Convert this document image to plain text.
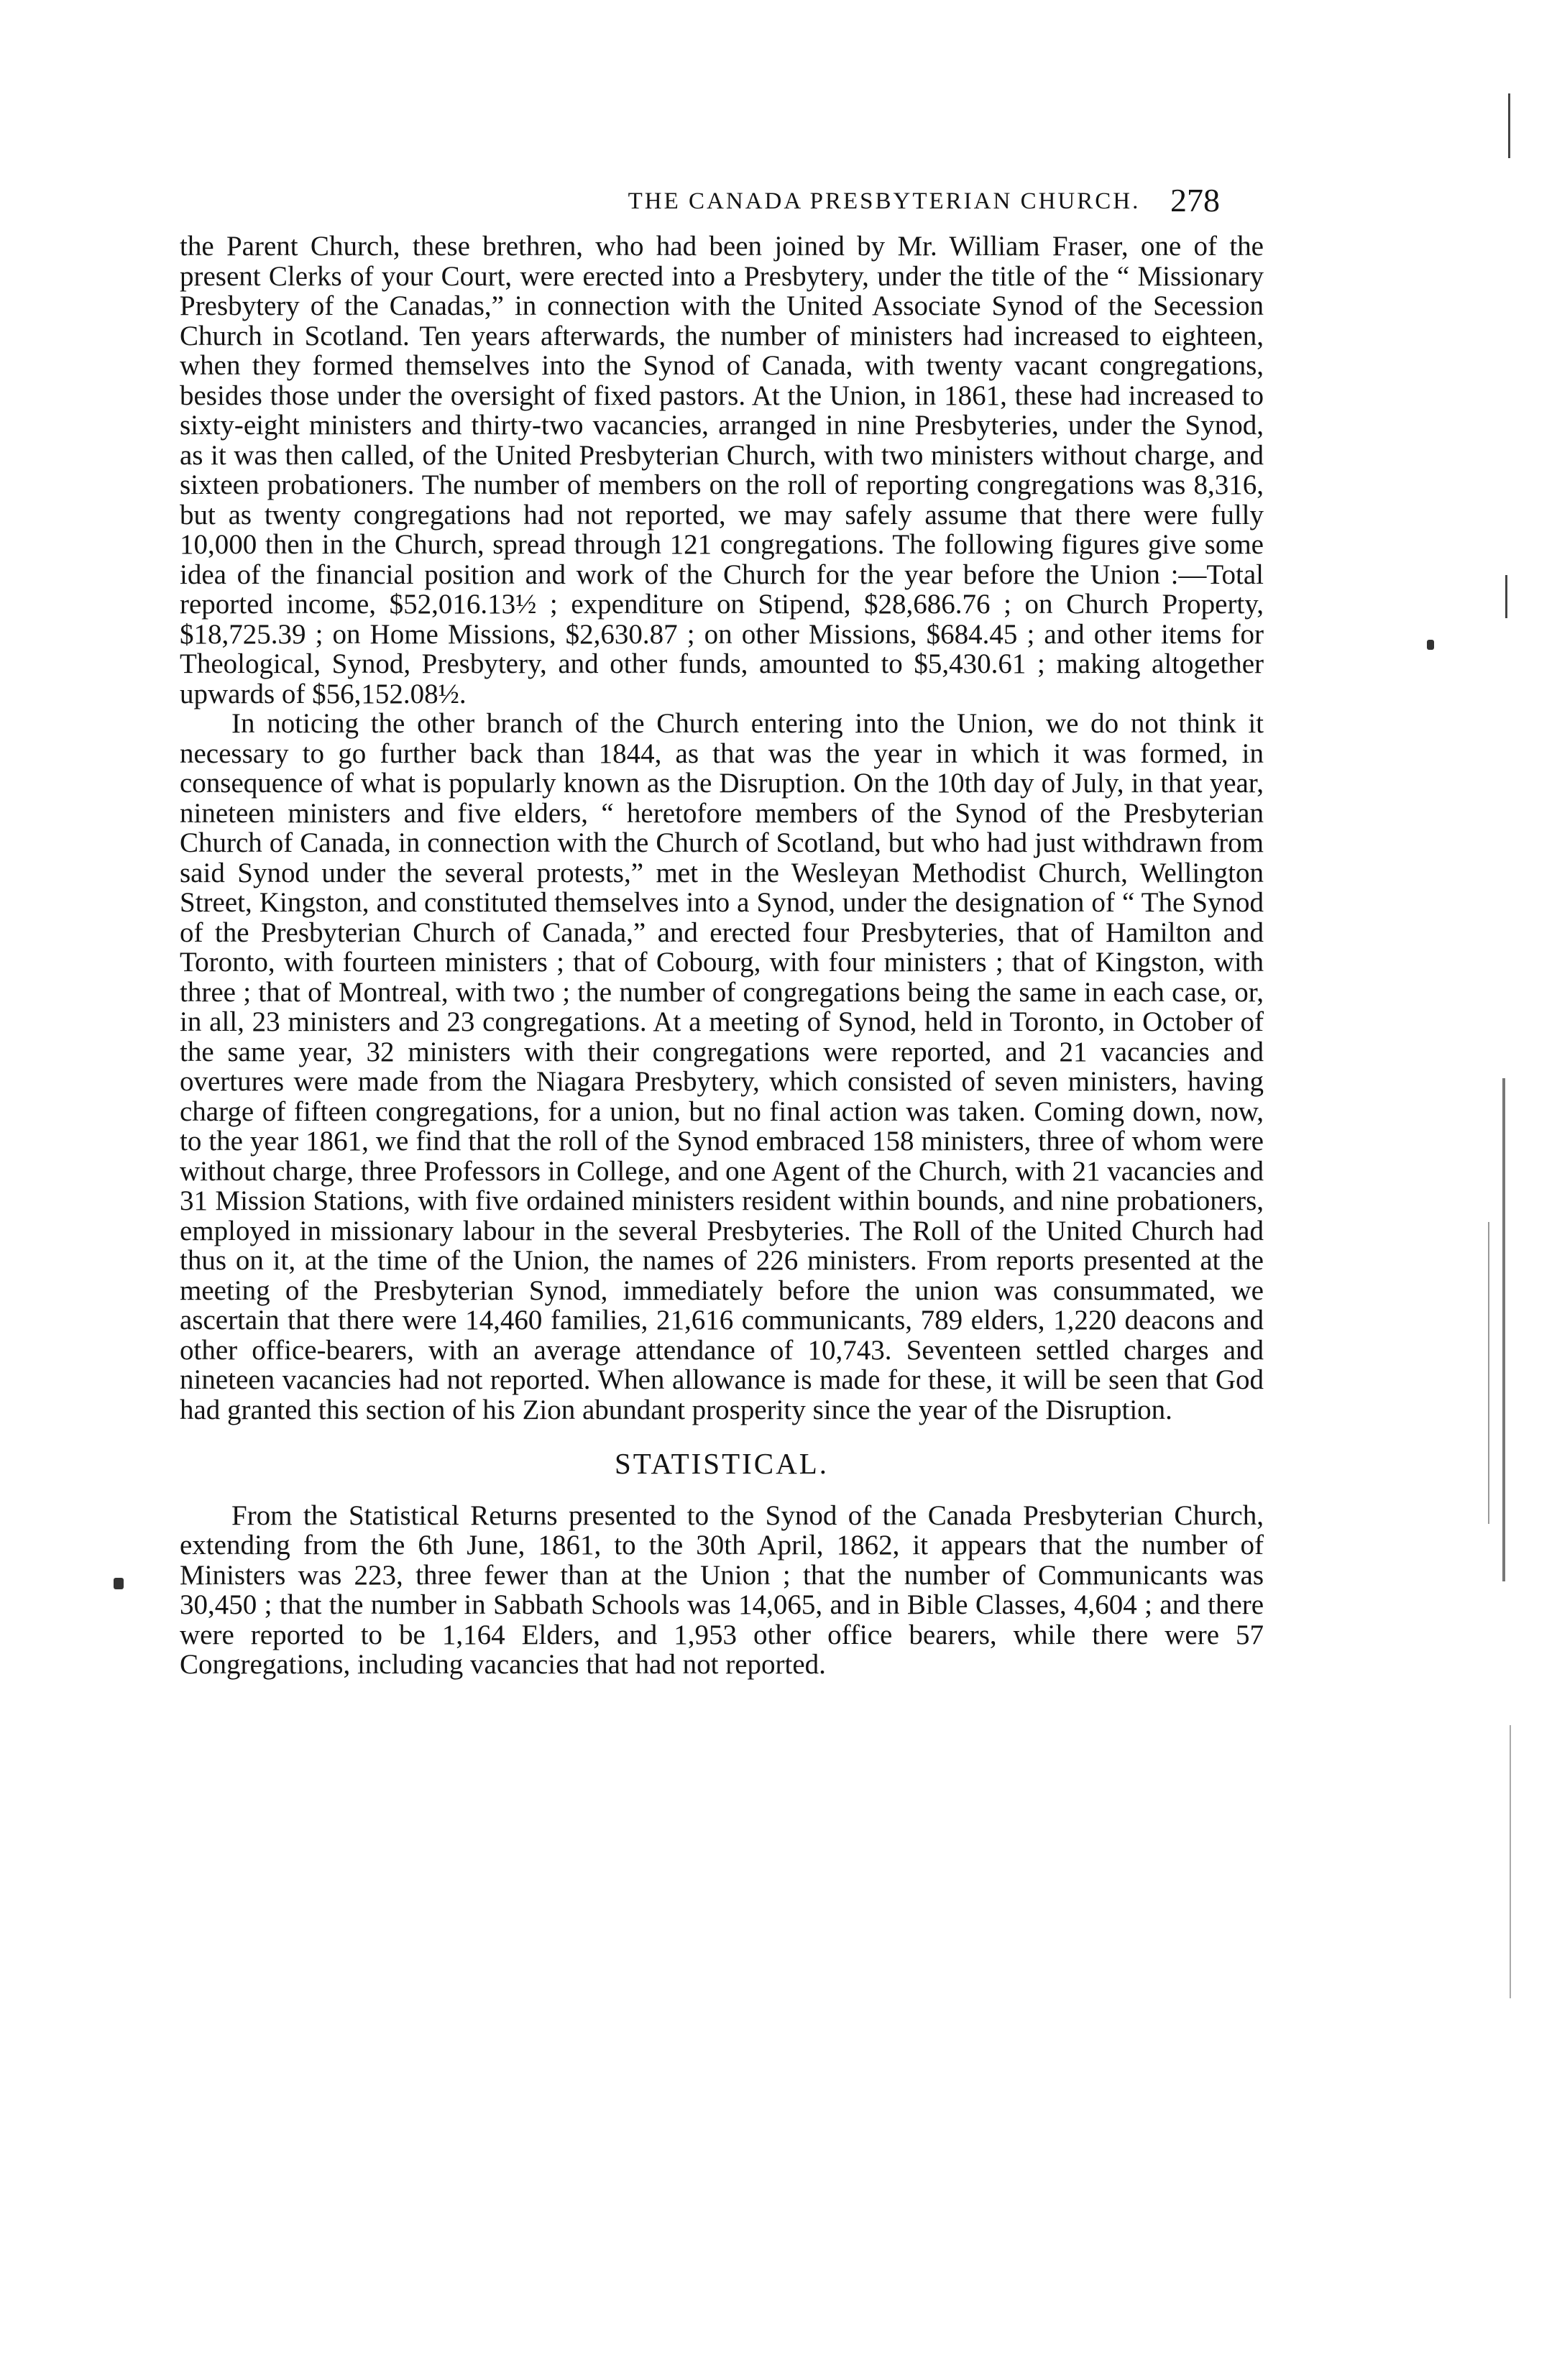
THE CANADA PRESBYTERIAN CHURCH. 278

the Parent Church, these brethren, who had been joined by Mr. William Fraser, one of the present Clerks of your Court, were erected into a Presbytery, under the title of the “ Missionary Presbytery of the Canadas,” in connection with the United Associate Synod of the Secession Church in Scotland. Ten years afterwards, the number of ministers had increased to eighteen, when they formed themselves into the Synod of Canada, with twenty vacant congregations, besides those under the oversight of fixed pastors. At the Union, in 1861, these had increased to sixty-eight ministers and thirty-two vacancies, arranged in nine Presbyteries, under the Synod, as it was then called, of the United Presbyterian Church, with two ministers without charge, and sixteen probationers. The number of members on the roll of reporting congregations was 8,316, but as twenty congregations had not reported, we may safely assume that there were fully 10,000 then in the Church, spread through 121 congregations. The following figures give some idea of the financial position and work of the Church for the year before the Union :—Total reported income, $52,016.13½ ; expenditure on Stipend, $28,686.76 ; on Church Property, $18,725.39 ; on Home Missions, $2,630.87 ; on other Missions, $684.45 ; and other items for Theological, Synod, Presbytery, and other funds, amounted to $5,430.61 ; making altogether upwards of $56,152.08½.

In noticing the other branch of the Church entering into the Union, we do not think it necessary to go further back than 1844, as that was the year in which it was formed, in consequence of what is popularly known as the Disruption. On the 10th day of July, in that year, nineteen ministers and five elders, “ heretofore members of the Synod of the Presbyterian Church of Canada, in connection with the Church of Scotland, but who had just withdrawn from said Synod under the several protests,” met in the Wesleyan Methodist Church, Wellington Street, Kingston, and constituted themselves into a Synod, under the designation of “ The Synod of the Presbyterian Church of Canada,” and erected four Presbyteries, that of Hamilton and Toronto, with fourteen ministers ; that of Cobourg, with four ministers ; that of Kingston, with three ; that of Montreal, with two ; the number of congregations being the same in each case, or, in all, 23 ministers and 23 congregations. At a meeting of Synod, held in Toronto, in October of the same year, 32 ministers with their congregations were reported, and 21 vacancies and overtures were made from the Niagara Presbytery, which consisted of seven ministers, having charge of fifteen congregations, for a union, but no final action was taken. Coming down, now, to the year 1861, we find that the roll of the Synod embraced 158 ministers, three of whom were without charge, three Professors in College, and one Agent of the Church, with 21 vacancies and 31 Mission Stations, with five ordained ministers resident within bounds, and nine probationers, employed in missionary labour in the several Presbyteries. The Roll of the United Church had thus on it, at the time of the Union, the names of 226 ministers. From reports presented at the meeting of the Presbyterian Synod, immediately before the union was consummated, we ascertain that there were 14,460 families, 21,616 communicants, 789 elders, 1,220 deacons and other office-bearers, with an average attendance of 10,743. Seventeen settled charges and nineteen vacancies had not reported. When allowance is made for these, it will be seen that God had granted this section of his Zion abundant prosperity since the year of the Disruption.

STATISTICAL.

From the Statistical Returns presented to the Synod of the Canada Presbyterian Church, extending from the 6th June, 1861, to the 30th April, 1862, it appears that the number of Ministers was 223, three fewer than at the Union ; that the number of Communicants was 30,450 ; that the number in Sabbath Schools was 14,065, and in Bible Classes, 4,604 ; and there were reported to be 1,164 Elders, and 1,953 other office bearers, while there were 57 Congregations, including vacancies that had not reported.
